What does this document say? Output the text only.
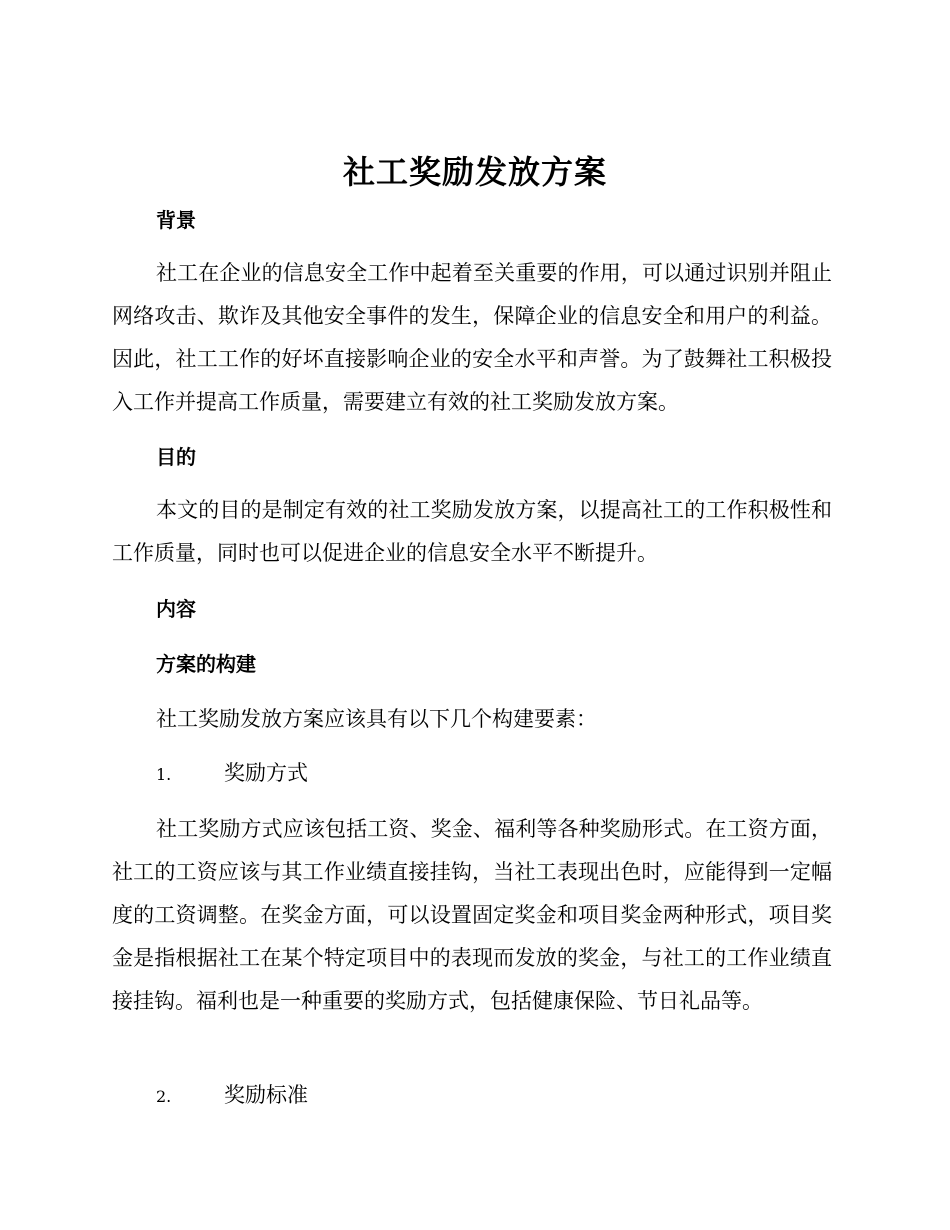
社工奖励发放方案
背景

社工在企业的信息安全工作中起着至关重要的作用，可以通过识别并阻止网络攻击、欺诈及其他安全事件的发生，保障企业的信息安全和用户的利益。因此，社工工作的好坏直接影响企业的安全水平和声誉。为了鼓舞社工积极投入工作并提高工作质量，需要建立有效的社工奖励发放方案。

目的

本文的目的是制定有效的社工奖励发放方案，以提高社工的工作积极性和工作质量，同时也可以促进企业的信息安全水平不断提升。

内容
方案的构建

社工奖励发放方案应该具有以下几个构建要素：

1.	奖励方式

社工奖励方式应该包括工资、奖金、福利等各种奖励形式。在工资方面，社工的工资应该与其工作业绩直接挂钩，当社工表现出色时，应能得到一定幅度的工资调整。在奖金方面，可以设置固定奖金和项目奖金两种形式，项目奖金是指根据社工在某个特定项目中的表现而发放的奖金，与社工的工作业绩直接挂钩。福利也是一种重要的奖励方式，包括健康保险、节日礼品等。

2.	奖励标准
